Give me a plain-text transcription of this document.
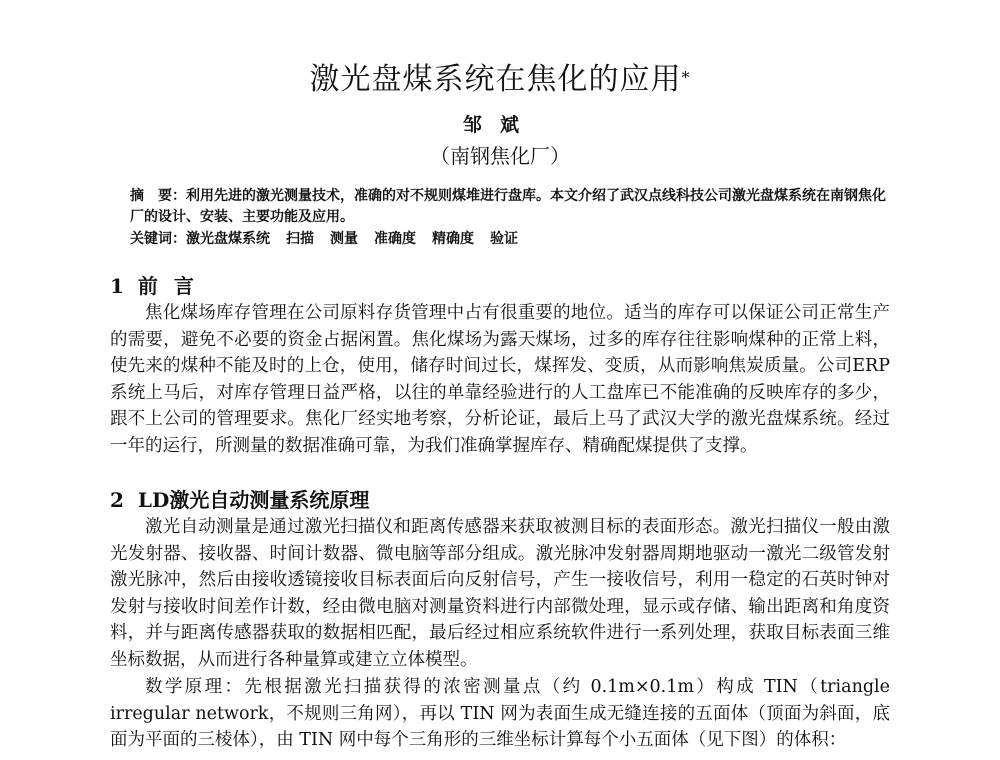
激光盘煤系统在焦化的应用*
邹斌
（南钢焦化厂）
摘　要：利用先进的激光测量技术，准确的对不规则煤堆进行盘库。本文介绍了武汉点线科技公司激光盘煤系统在南钢焦化厂的设计、安装、主要功能及应用。
关键词：激光盘煤系统 扫描 测量 准确度 精确度 验证
1 前言
焦化煤场库存管理在公司原料存货管理中占有很重要的地位。适当的库存可以保证公司正常生产的需要，避免不必要的资金占据闲置。焦化煤场为露天煤场，过多的库存往往影响煤种的正常上料，使先来的煤种不能及时的上仓，使用，储存时间过长，煤挥发、变质，从而影响焦炭质量。公司ERP系统上马后，对库存管理日益严格，以往的单靠经验进行的人工盘库已不能准确的反映库存的多少，跟不上公司的管理要求。焦化厂经实地考察，分析论证，最后上马了武汉大学的激光盘煤系统。经过一年的运行，所测量的数据准确可靠，为我们准确掌握库存、精确配煤提供了支撑。
2 LD激光自动测量系统原理
激光自动测量是通过激光扫描仪和距离传感器来获取被测目标的表面形态。激光扫描仪一般由激光发射器、接收器、时间计数器、微电脑等部分组成。激光脉冲发射器周期地驱动一激光二级管发射激光脉冲，然后由接收透镜接收目标表面后向反射信号，产生一接收信号，利用一稳定的石英时钟对发射与接收时间差作计数，经由微电脑对测量资料进行内部微处理，显示或存储、输出距离和角度资料，并与距离传感器获取的数据相匹配，最后经过相应系统软件进行一系列处理，获取目标表面三维坐标数据，从而进行各种量算或建立立体模型。
数学原理：先根据激光扫描获得的浓密测量点（约 0.1m×0.1m）构成 TIN（triangle irregular network，不规则三角网），再以 TIN 网为表面生成无缝连接的五面体（顶面为斜面，底面为平面的三棱体），由 TIN 网中每个三角形的三维坐标计算每个小五面体（见下图）的体积：
